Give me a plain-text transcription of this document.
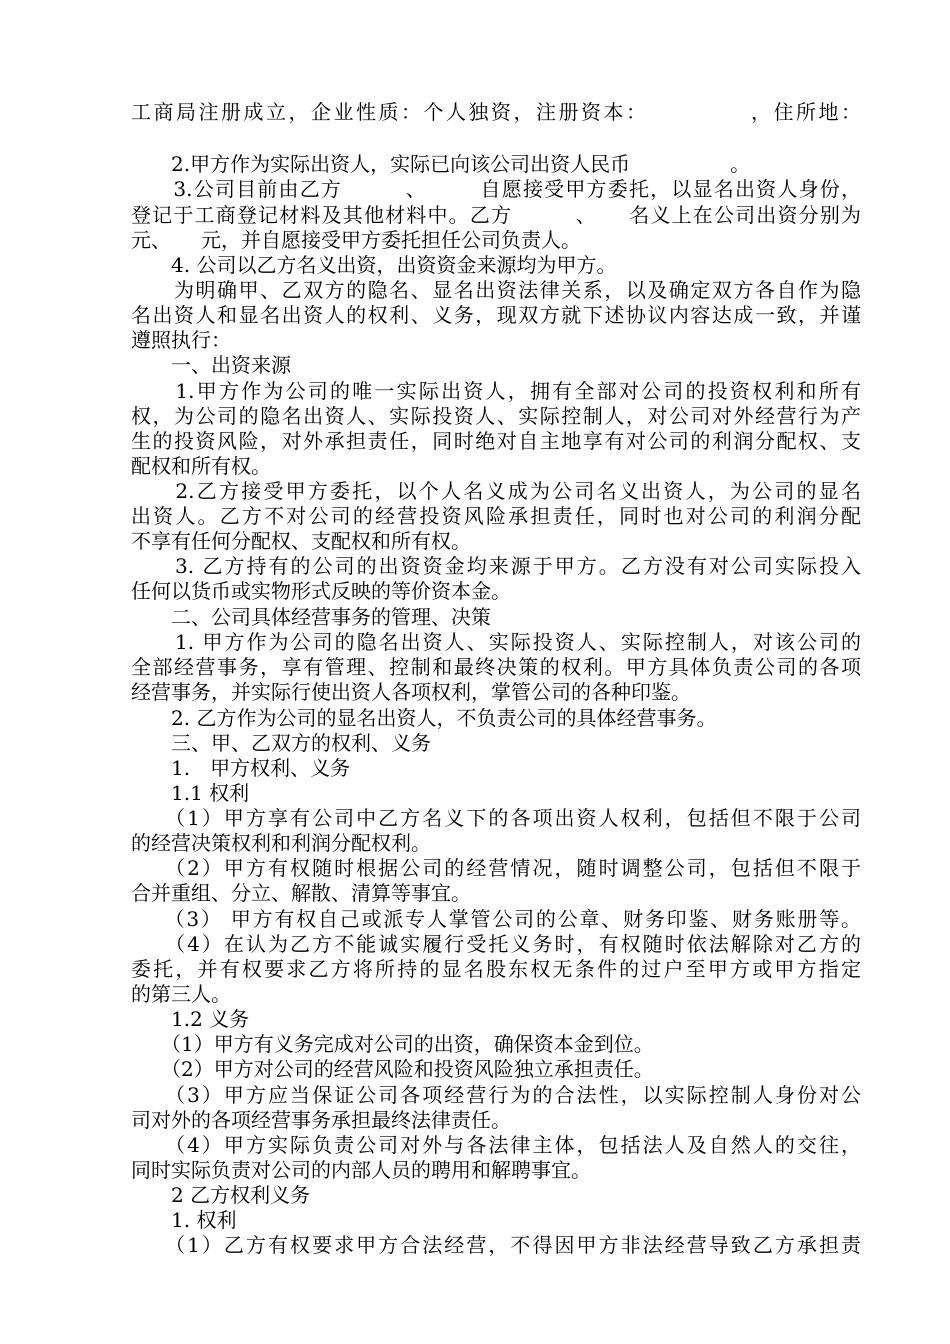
工商局注册成立，企业性质：个人独资，注册资本：　　　　　，住所地：
　　2.甲方作为实际出资人，实际已向该公司出资人民币　　　　　。
　　3.公司目前由乙方　　　、　　　自愿接受甲方委托，以显名出资人身份，
登记于工商登记材料及其他材料中。乙方　　　、　　名义上在公司出资分别为
元、　　元，并自愿接受甲方委托担任公司负责人。
　　4. 公司以乙方名义出资，出资资金来源均为甲方。
　　为明确甲、乙双方的隐名、显名出资法律关系，以及确定双方各自作为隐
名出资人和显名出资人的权利、义务，现双方就下述协议内容达成一致，并谨
遵照执行：
　　一、出资来源
　　1.甲方作为公司的唯一实际出资人，拥有全部对公司的投资权利和所有
权，为公司的隐名出资人、实际投资人、实际控制人，对公司对外经营行为产
生的投资风险，对外承担责任，同时绝对自主地享有对公司的利润分配权、支
配权和所有权。
　　2.乙方接受甲方委托，以个人名义成为公司名义出资人，为公司的显名
出资人。乙方不对公司的经营投资风险承担责任，同时也对公司的利润分配
不享有任何分配权、支配权和所有权。
　　3. 乙方持有的公司的出资资金均来源于甲方。乙方没有对公司实际投入
任何以货币或实物形式反映的等价资本金。
　　二、公司具体经营事务的管理、决策
　　1. 甲方作为公司的隐名出资人、实际投资人、实际控制人，对该公司的
全部经营事务，享有管理、控制和最终决策的权利。甲方具体负责公司的各项
经营事务，并实际行使出资人各项权利，掌管公司的各种印鉴。
　　2. 乙方作为公司的显名出资人，不负责公司的具体经营事务。
　　三、甲、乙双方的权利、义务
　　1.　甲方权利、义务
　　1.1 权利
　　（1）甲方享有公司中乙方名义下的各项出资人权利，包括但不限于公司
的经营决策权利和利润分配权利。
　　（2）甲方有权随时根据公司的经营情况，随时调整公司，包括但不限于
合并重组、分立、解散、清算等事宜。
　　（3） 甲方有权自己或派专人掌管公司的公章、财务印鉴、财务账册等。
　　（4）在认为乙方不能诚实履行受托义务时，有权随时依法解除对乙方的
委托，并有权要求乙方将所持的显名股东权无条件的过户至甲方或甲方指定
的第三人。
　　1.2 义务
　　（1）甲方有义务完成对公司的出资，确保资本金到位。
　　（2）甲方对公司的经营风险和投资风险独立承担责任。
　　（3）甲方应当保证公司各项经营行为的合法性，以实际控制人身份对公
司对外的各项经营事务承担最终法律责任。
　　（4）甲方实际负责公司对外与各法律主体，包括法人及自然人的交往，
同时实际负责对公司的内部人员的聘用和解聘事宜。
　　2 乙方权利义务
　　1. 权利
　　（1）乙方有权要求甲方合法经营，不得因甲方非法经营导致乙方承担责
